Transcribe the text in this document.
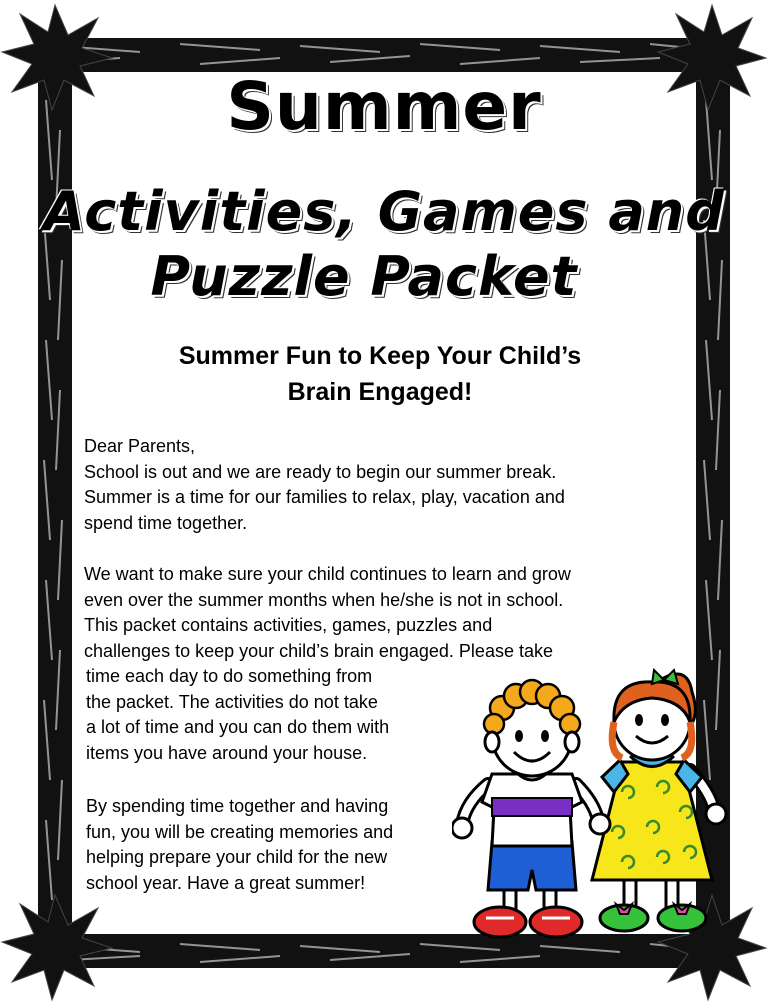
Summer
Activities, Games and
Puzzle Packet
Summer Fun to Keep Your Child’s
Brain Engaged!
Dear Parents,
School is out and we are ready to begin our summer break.
Summer is a time for our families to relax, play, vacation and
spend time together.
We want to make sure your child continues to learn and grow
even over the summer months when he/she is not in school.
This packet contains activities, games, puzzles and
challenges to keep your child’s brain engaged. Please take
time each day to do something from
the packet. The activities do not take
a lot of time and you can do them with
items you have around your house.
By spending time together and having
fun, you will be creating memories and
helping prepare your child for the new
school year. Have a great summer!
